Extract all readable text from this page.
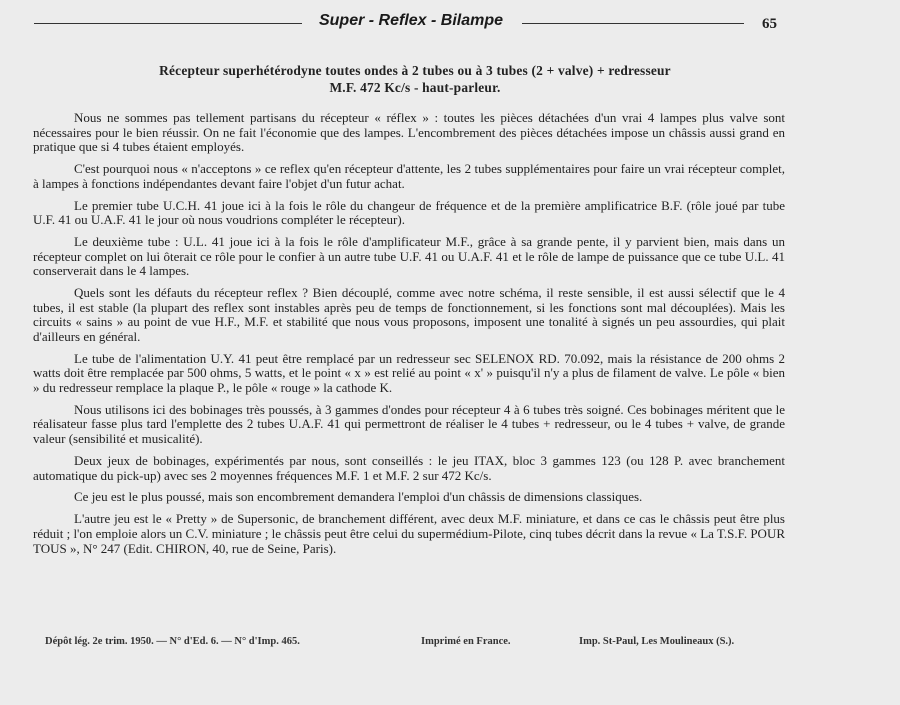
Super - Reflex - Bilampe	65
Récepteur superhétérodyne toutes ondes à 2 tubes ou à 3 tubes (2 + valve) + redresseur
M.F. 472 Kc/s - haut-parleur.

Nous ne sommes pas tellement partisans du récepteur « réflex » : toutes les pièces détachées d'un vrai 4 lampes plus valve sont nécessaires pour le bien réussir. On ne fait l'économie que des lampes. L'encombrement des pièces détachées impose un châssis aussi grand en pratique que si 4 tubes étaient employés.

C'est pourquoi nous « n'acceptons » ce reflex qu'en récepteur d'attente, les 2 tubes supplémentaires pour faire un vrai récepteur complet, à lampes à fonctions indépendantes devant faire l'objet d'un futur achat.

Le premier tube U.C.H. 41 joue ici à la fois le rôle du changeur de fréquence et de la première amplificatrice B.F. (rôle joué par tube U.F. 41 ou U.A.F. 41 le jour où nous voudrions compléter le récepteur).

Le deuxième tube : U.L. 41 joue ici à la fois le rôle d'amplificateur M.F., grâce à sa grande pente, il y parvient bien, mais dans un récepteur complet on lui ôterait ce rôle pour le confier à un autre tube U.F. 41 ou U.A.F. 41 et le rôle de lampe de puissance que ce tube U.L. 41 conserverait dans le 4 lampes.

Quels sont les défauts du récepteur reflex ? Bien découplé, comme avec notre schéma, il reste sensible, il est aussi sélectif que le 4 tubes, il est stable (la plupart des reflex sont instables après peu de temps de fonctionnement, si les fonctions sont mal découplées). Mais les circuits « sains » au point de vue H.F., M.F. et stabilité que nous vous proposons, imposent une tonalité à signés un peu assourdies, qui plait d'ailleurs en général.

Le tube de l'alimentation U.Y. 41 peut être remplacé par un redresseur sec SELENOX RD. 70.092, mais la résistance de 200 ohms 2 watts doit être remplacée par 500 ohms, 5 watts, et le point « x » est relié au point « x' » puisqu'il n'y a plus de filament de valve. Le pôle « bien » du redresseur remplace la plaque P., le pôle « rouge » la cathode K.

Nous utilisons ici des bobinages très poussés, à 3 gammes d'ondes pour récepteur 4 à 6 tubes très soigné. Ces bobinages méritent que le réalisateur fasse plus tard l'emplette des 2 tubes U.A.F. 41 qui permettront de réaliser le 4 tubes + redresseur, ou le 4 tubes + valve, de grande valeur (sensibilité et musicalité).

Deux jeux de bobinages, expérimentés par nous, sont conseillés : le jeu ITAX, bloc 3 gammes 123 (ou 128 P. avec branchement automatique du pick-up) avec ses 2 moyennes fréquences M.F. 1 et M.F. 2 sur 472 Kc/s.

Ce jeu est le plus poussé, mais son encombrement demandera l'emploi d'un châssis de dimensions classiques.

L'autre jeu est le « Pretty » de Supersonic, de branchement différent, avec deux M.F. miniature, et dans ce cas le châssis peut être plus réduit ; l'on emploie alors un C.V. miniature ; le châssis peut être celui du supermédium-Pilote, cinq tubes décrit dans la revue « La T.S.F. POUR TOUS », N° 247 (Edit. CHIRON, 40, rue de Seine, Paris).

Dépôt lég. 2e trim. 1950. — N° d'Ed. 6. — N° d'Imp. 465.	Imprimé en France.	Imp. St-Paul, Les Moulineaux (S.).
